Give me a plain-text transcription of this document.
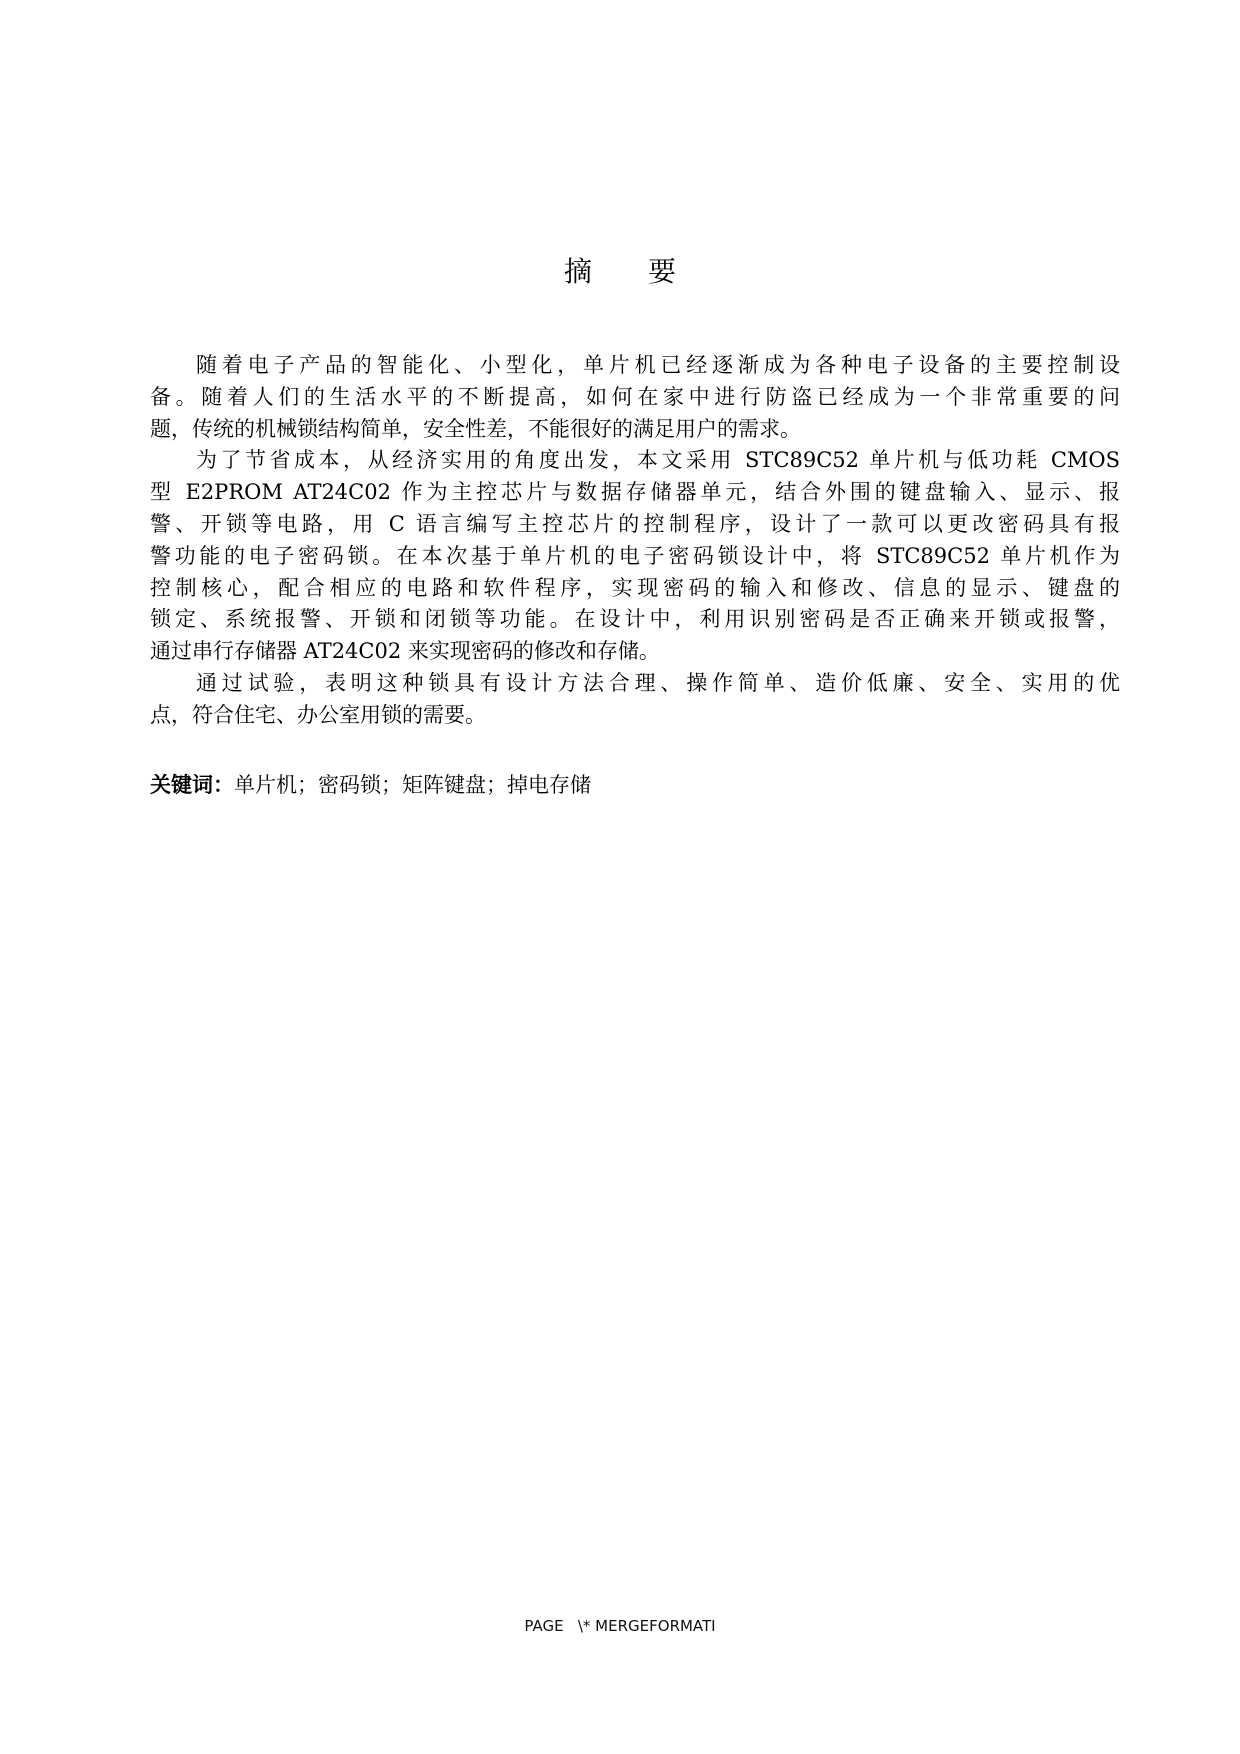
摘 要
随着电子产品的智能化、小型化，单片机已经逐渐成为各种电子设备的主要控制设
备。随着人们的生活水平的不断提高，如何在家中进行防盗已经成为一个非常重要的问
题，传统的机械锁结构简单，安全性差，不能很好的满足用户的需求。
为了节省成本，从经济实用的角度出发，本文采用 STC89C52 单片机与低功耗 CMOS
型 E2PROM AT24C02 作为主控芯片与数据存储器单元，结合外围的键盘输入、显示、报
警、开锁等电路，用 C 语言编写主控芯片的控制程序，设计了一款可以更改密码具有报
警功能的电子密码锁。在本次基于单片机的电子密码锁设计中，将 STC89C52 单片机作为
控制核心，配合相应的电路和软件程序，实现密码的输入和修改、信息的显示、键盘的
锁定、系统报警、开锁和闭锁等功能。在设计中，利用识别密码是否正确来开锁或报警，
通过串行存储器 AT24C02 来实现密码的修改和存储。
通过试验，表明这种锁具有设计方法合理、操作简单、造价低廉、安全、实用的优
点，符合住宅、办公室用锁的需要。
关键词：单片机；密码锁；矩阵键盘；掉电存储
PAGE   \* MERGEFORMATI
